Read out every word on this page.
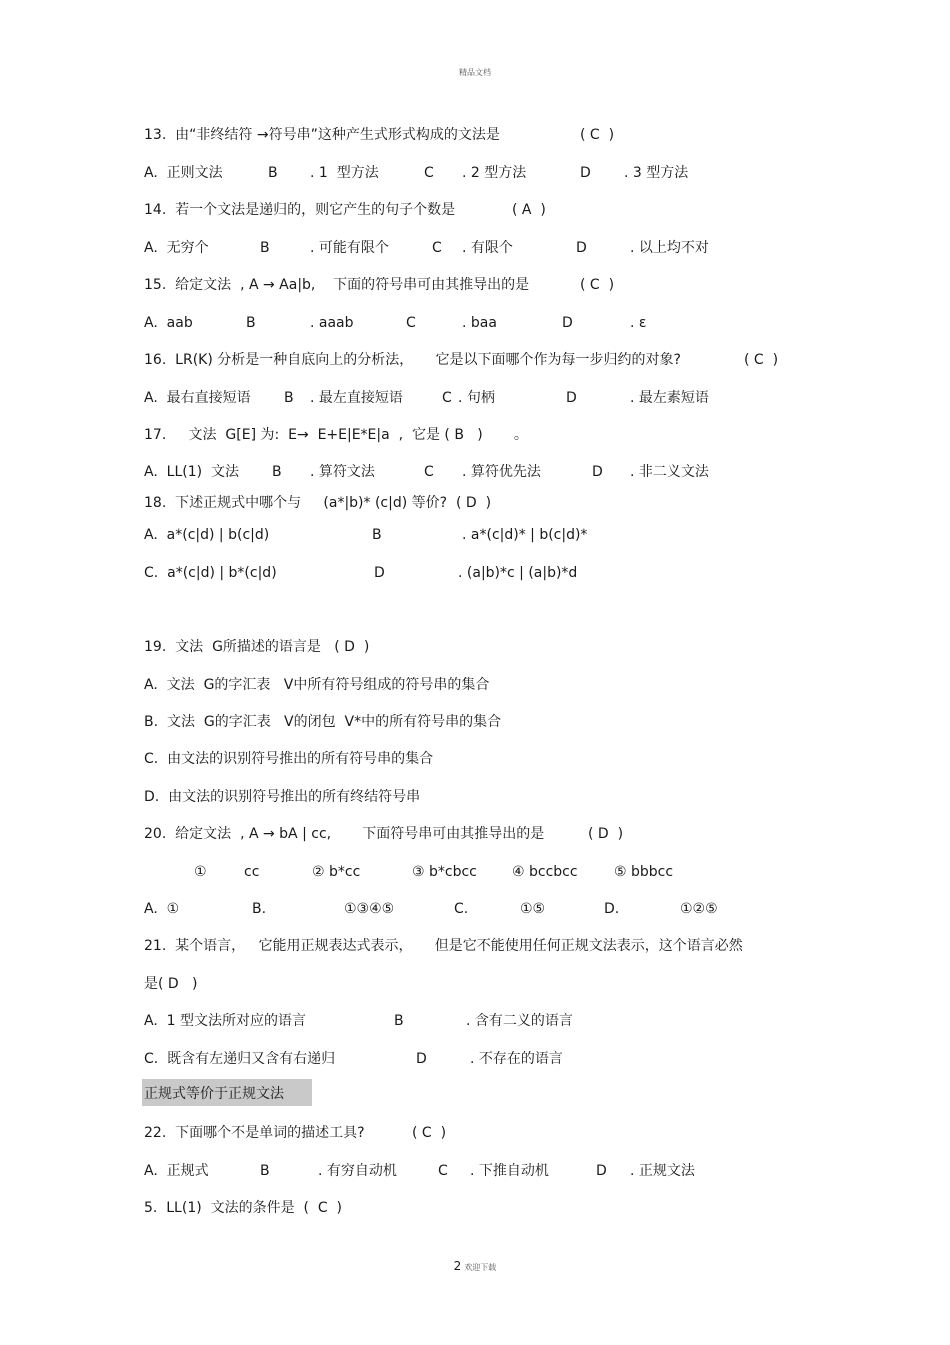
精品文档
13.  由“非终结符 →符号串”这种产生式形式构成的文法是	( C  )
A.  正则文法	B . 1  型方法	C . 2 型方法	D . 3 型方法
14.  若一个文法是递归的，则它产生的句子个数是	( A  )
A.  无穷个	B	. 可能有限个	C . 有限个	D	. 以上均不对
15.  给定文法  , A → Aa|b,    下面的符号串可由其推导出的是	( C  )
A.  aab	B	. aaab	C	. baa	D	. ε
16.  LR(K) 分析是一种自底向上的分析法，     它是以下面哪个作为每一步归约的对象?	( C  )
A.  最右直接短语 B . 最左直接短语	C . 句柄	D	. 最左素短语
17.     文法  G[E] 为:  E→  E+E|E*E|a  ,  它是 ( B   )       。
A.  LL(1)  文法 B . 算符文法	C . 算符优先法	D . 非二义文法
18.  下述正规式中哪个与     (a*|b)* (c|d) 等价?  ( D  )
A.  a*(c|d) | b(c|d)	B	. a*(c|d)* | b(c|d)*
C.  a*(c|d) | b*(c|d)	D	. (a|b)*c | (a|b)*d
19.  文法  G所描述的语言是   ( D  )
A.  文法  G的字汇表   V中所有符号组成的符号串的集合
B.  文法  G的字汇表   V的闭包  V*中的所有符号串的集合
C.  由文法的识别符号推出的所有符号串的集合
D.  由文法的识别符号推出的所有终结符号串
20.  给定文法  , A → bA | cc,       下面符号串可由其推导出的是	( D  )
①	cc	② b*cc	③ b*cbcc	④ bccbcc	⑤ bbbcc
A.  ①	B.	①③④⑤	C.	①⑤	D.	①②⑤
21.  某个语言，   它能用正规表达式表示，     但是它不能使用任何正规文法表示，这个语言必然
是( D   )
A.  1 型文法所对应的语言	B	. 含有二义的语言
C.  既含有左递归又含有右递归	D	. 不存在的语言
22.  下面哪个不是单词的描述工具?	( C  )
A.  正规式	B	. 有穷自动机	C . 下推自动机	D . 正规文法
5.  LL(1)  文法的条件是  (  C  )
正规式等价于正规文法
2 欢迎下载
